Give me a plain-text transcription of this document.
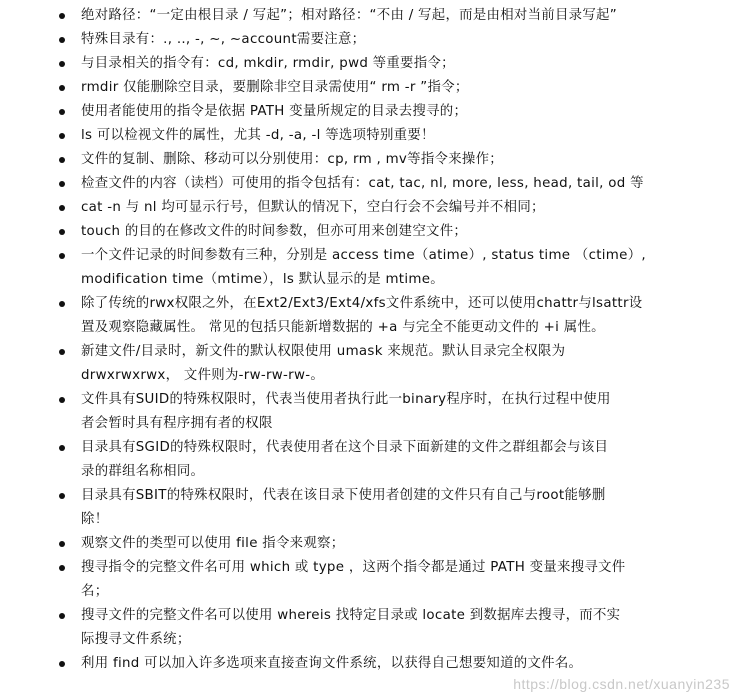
绝对路径：“一定由根目录 / 写起”；相对路径：“不由 / 写起，而是由相对当前目录写起”
特殊目录有：., .., -, ~, ~account需要注意；
与目录相关的指令有：cd, mkdir, rmdir, pwd 等重要指令；
rmdir 仅能删除空目录，要删除非空目录需使用“ rm -r ”指令；
使用者能使用的指令是依据 PATH 变量所规定的目录去搜寻的；
ls 可以检视文件的属性，尤其 -d, -a, -l 等选项特别重要！
文件的复制、删除、移动可以分别使用：cp, rm , mv等指令来操作；
检查文件的内容（读档）可使用的指令包括有：cat, tac, nl, more, less, head, tail, od 等
cat -n 与 nl 均可显示行号，但默认的情况下，空白行会不会编号并不相同；
touch 的目的在修改文件的时间参数，但亦可用来创建空文件；
一个文件记录的时间参数有三种，分别是 access time（atime）, status time （ctime）,
modification time（mtime），ls 默认显示的是 mtime。
除了传统的rwx权限之外，在Ext2/Ext3/Ext4/xfs文件系统中，还可以使用chattr与lsattr设
置及观察隐藏属性。 常见的包括只能新增数据的 +a 与完全不能更动文件的 +i 属性。
新建文件/目录时，新文件的默认权限使用 umask 来规范。默认目录完全权限为
drwxrwxrwx， 文件则为-rw-rw-rw-。
文件具有SUID的特殊权限时，代表当使用者执行此一binary程序时，在执行过程中使用
者会暂时具有程序拥有者的权限
目录具有SGID的特殊权限时，代表使用者在这个目录下面新建的文件之群组都会与该目
录的群组名称相同。
目录具有SBIT的特殊权限时，代表在该目录下使用者创建的文件只有自己与root能够删
除！
观察文件的类型可以使用 file 指令来观察；
搜寻指令的完整文件名可用 which 或 type ，这两个指令都是通过 PATH 变量来搜寻文件
名；
搜寻文件的完整文件名可以使用 whereis 找特定目录或 locate 到数据库去搜寻，而不实
际搜寻文件系统；
利用 find 可以加入许多选项来直接查询文件系统，以获得自己想要知道的文件名。
https://blog.csdn.net/xuanyin235
